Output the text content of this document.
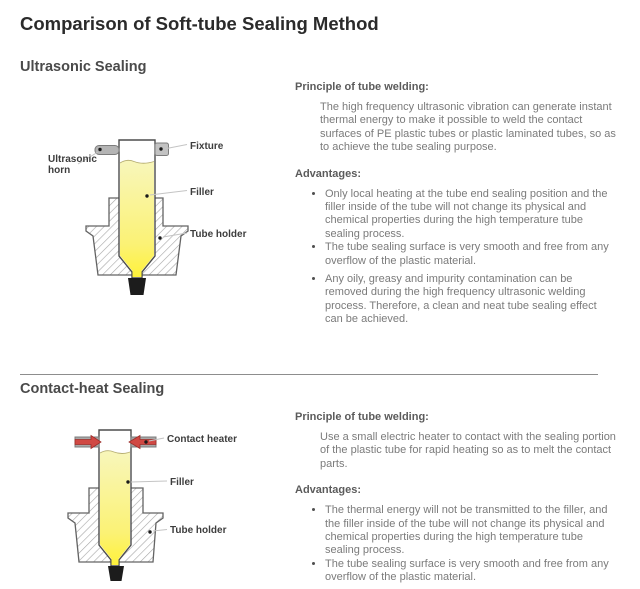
Comparison of Soft-tube Sealing Method
Ultrasonic Sealing
Ultrasonic horn
Fixture
Filler
Tube holder
Principle of tube welding:
The high frequency ultrasonic vibration can generate instant thermal energy to make it possible to weld the contact surfaces of PE plastic tubes or plastic laminated tubes, so as to achieve the tube sealing purpose.
Advantages:
• Only local heating at the tube end sealing position and the filler inside of the tube will not change its physical and chemical properties during the high temperature tube sealing process.
• The tube sealing surface is very smooth and free from any overflow of the plastic material.
• Any oily, greasy and impurity contamination can be removed during the high frequency ultrasonic welding process. Therefore, a clean and neat tube sealing effect can be achieved.
Contact-heat Sealing
Contact heater
Filler
Tube holder
Principle of tube welding:
Use a small electric heater to contact with the sealing portion of the plastic tube for rapid heating so as to melt the contact parts.
Advantages:
• The thermal energy will not be transmitted to the filler, and the filler inside of the tube will not change its physical and chemical properties during the high temperature tube sealing process.
• The tube sealing surface is very smooth and free from any overflow of the plastic material.
